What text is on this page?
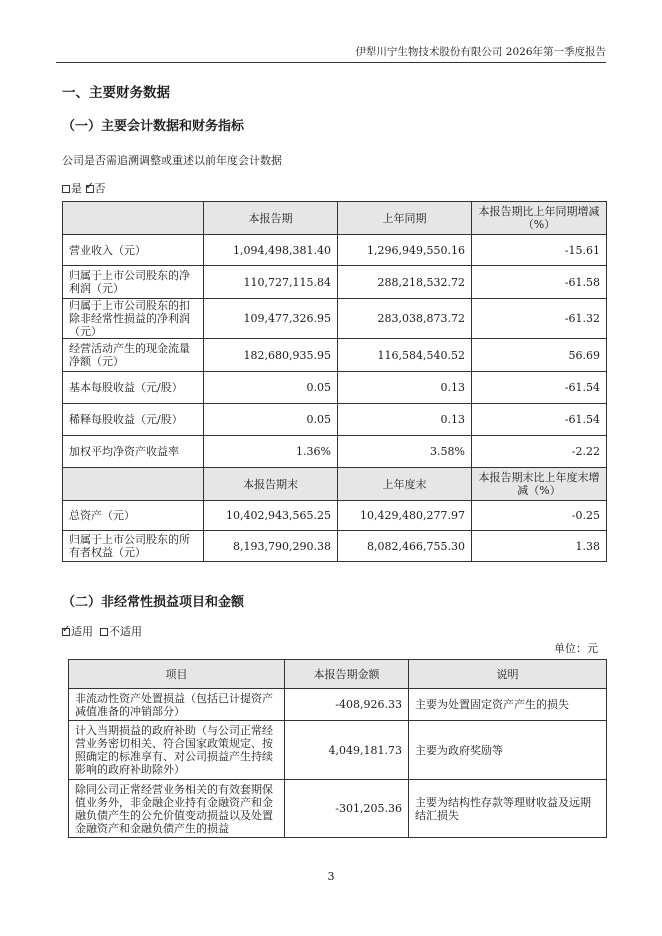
伊犁川宁生物技术股份有限公司 2026年第一季度报告
一、主要财务数据
（一）主要会计数据和财务指标
公司是否需追溯调整或重述以前年度会计数据
是 ✓ 否
	本报告期	上年同期	本报告期比上年同期增减（%）
营业收入（元）	1,094,498,381.40	1,296,949,550.16	-15.61
归属于上市公司股东的净利润（元）	110,727,115.84	288,218,532.72	-61.58
归属于上市公司股东的扣除非经常性损益的净利润（元）	109,477,326.95	283,038,873.72	-61.32
经营活动产生的现金流量净额（元）	182,680,935.95	116,584,540.52	56.69
基本每股收益（元/股）	0.05	0.13	-61.54
稀释每股收益（元/股）	0.05	0.13	-61.54
加权平均净资产收益率	1.36%	3.58%	-2.22
	本报告期末	上年度末	本报告期末比上年度末增减（%）
总资产（元）	10,402,943,565.25	10,429,480,277.97	-0.25
归属于上市公司股东的所有者权益（元）	8,193,790,290.38	8,082,466,755.30	1.38
（二）非经常性损益项目和金额
✓适用 不适用
单位：元
项目	本报告期金额	说明
非流动性资产处置损益（包括已计提资产减值准备的冲销部分）	-408,926.33	主要为处置固定资产产生的损失
计入当期损益的政府补助（与公司正常经营业务密切相关、符合国家政策规定、按照确定的标准享有、对公司损益产生持续影响的政府补助除外）	4,049,181.73	主要为政府奖励等
除同公司正常经营业务相关的有效套期保值业务外，非金融企业持有金融资产和金融负债产生的公允价值变动损益以及处置金融资产和金融负债产生的损益	-301,205.36	主要为结构性存款等理财收益及远期结汇损失
3
